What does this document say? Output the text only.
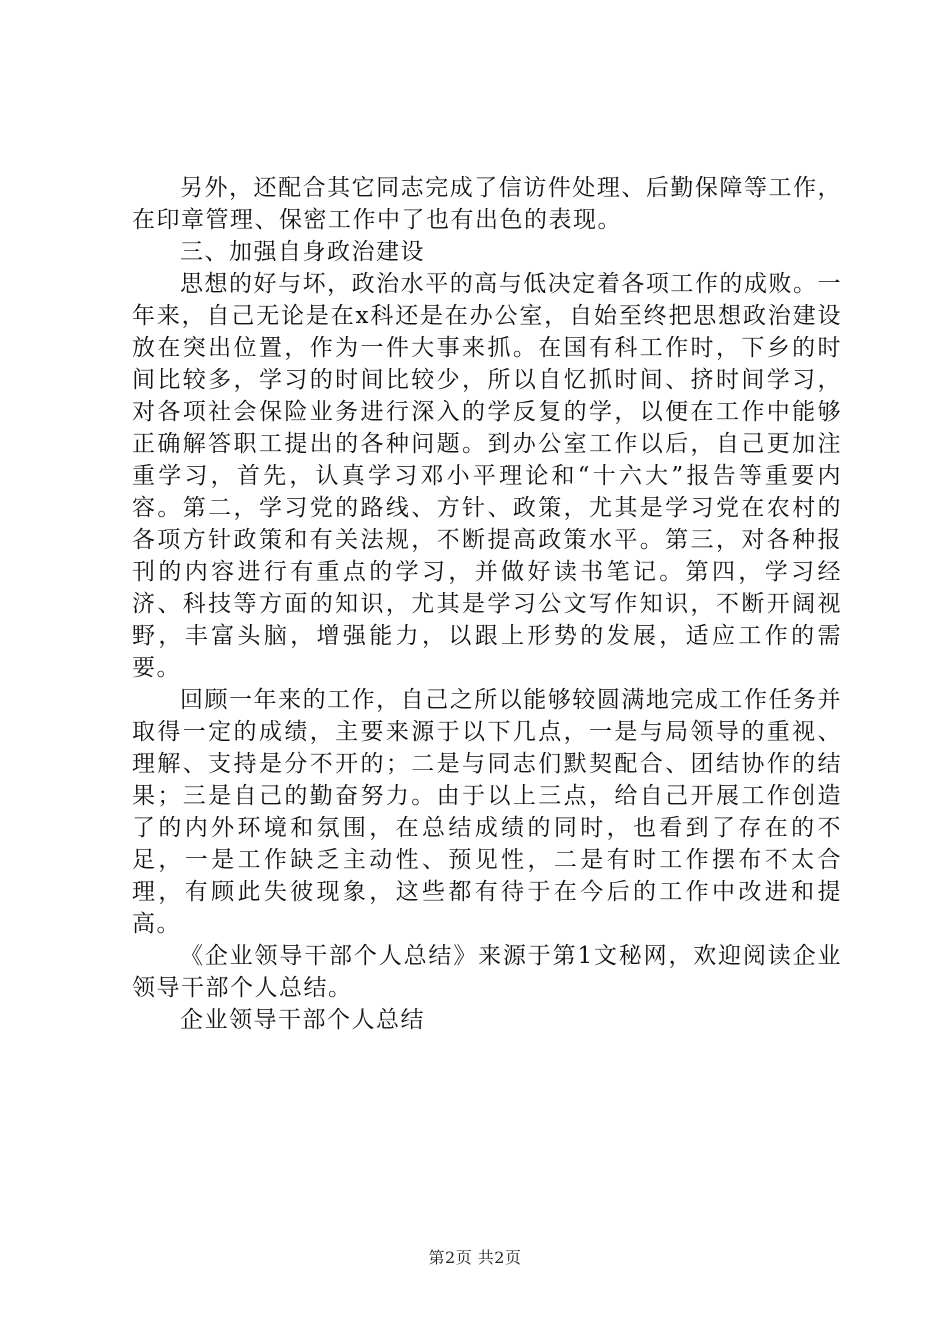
另外，还配合其它同志完成了信访件处理、后勤保障等工作，在印章管理、保密工作中了也有出色的表现。

三、加强自身政治建设

思想的好与坏，政治水平的高与低决定着各项工作的成败。一年来，自己无论是在x科还是在办公室，自始至终把思想政治建设放在突出位置，作为一件大事来抓。在国有科工作时，下乡的时间比较多，学习的时间比较少，所以自忆抓时间、挤时间学习，对各项社会保险业务进行深入的学反复的学，以便在工作中能够正确解答职工提出的各种问题。到办公室工作以后，自己更加注重学习，首先，认真学习邓小平理论和“十六大”报告等重要内容。第二，学习党的路线、方针、政策，尤其是学习党在农村的各项方针政策和有关法规，不断提高政策水平。第三，对各种报刊的内容进行有重点的学习，并做好读书笔记。第四，学习经济、科技等方面的知识，尤其是学习公文写作知识，不断开阔视野，丰富头脑，增强能力，以跟上形势的发展，适应工作的需要。

回顾一年来的工作，自己之所以能够较圆满地完成工作任务并取得一定的成绩，主要来源于以下几点，一是与局领导的重视、理解、支持是分不开的；二是与同志们默契配合、团结协作的结果；三是自己的勤奋努力。由于以上三点，给自己开展工作创造了的内外环境和氛围，在总结成绩的同时，也看到了存在的不足，一是工作缺乏主动性、预见性，二是有时工作摆布不太合理，有顾此失彼现象，这些都有待于在今后的工作中改进和提高。

《企业领导干部个人总结》来源于第1文秘网，欢迎阅读企业领导干部个人总结。

企业领导干部个人总结

第2页 共2页
